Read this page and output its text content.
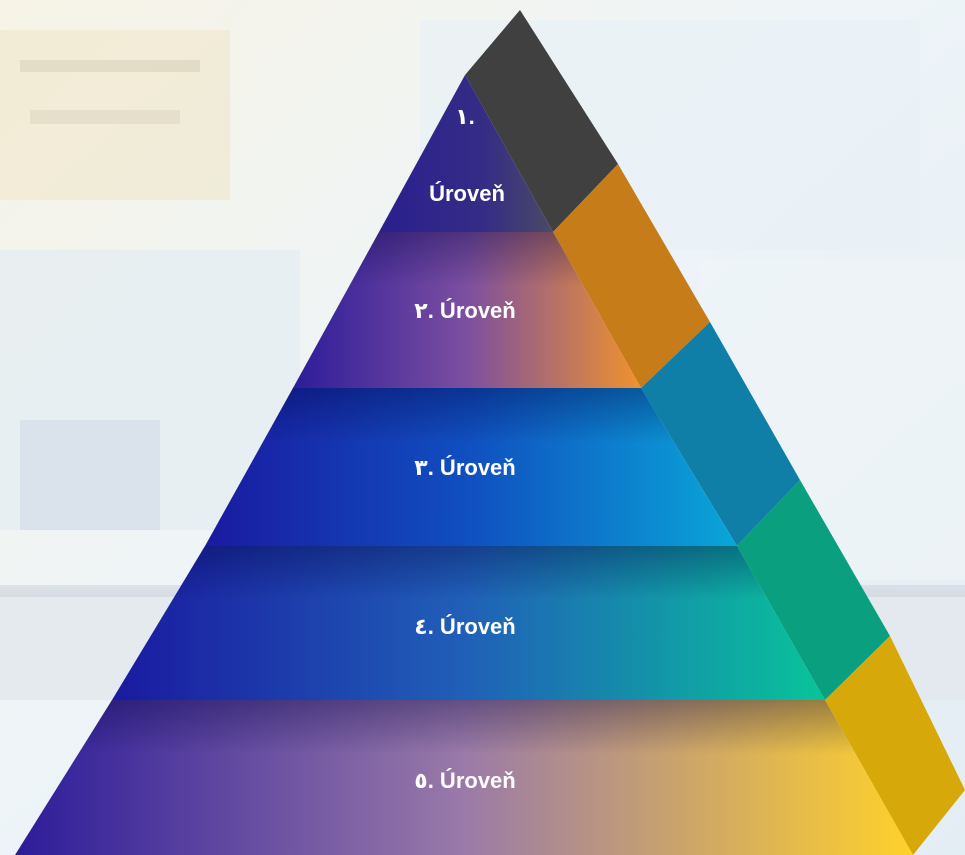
١.
Úroveň
٢. Úroveň
٣. Úroveň
٤. Úroveň
٥. Úroveň
